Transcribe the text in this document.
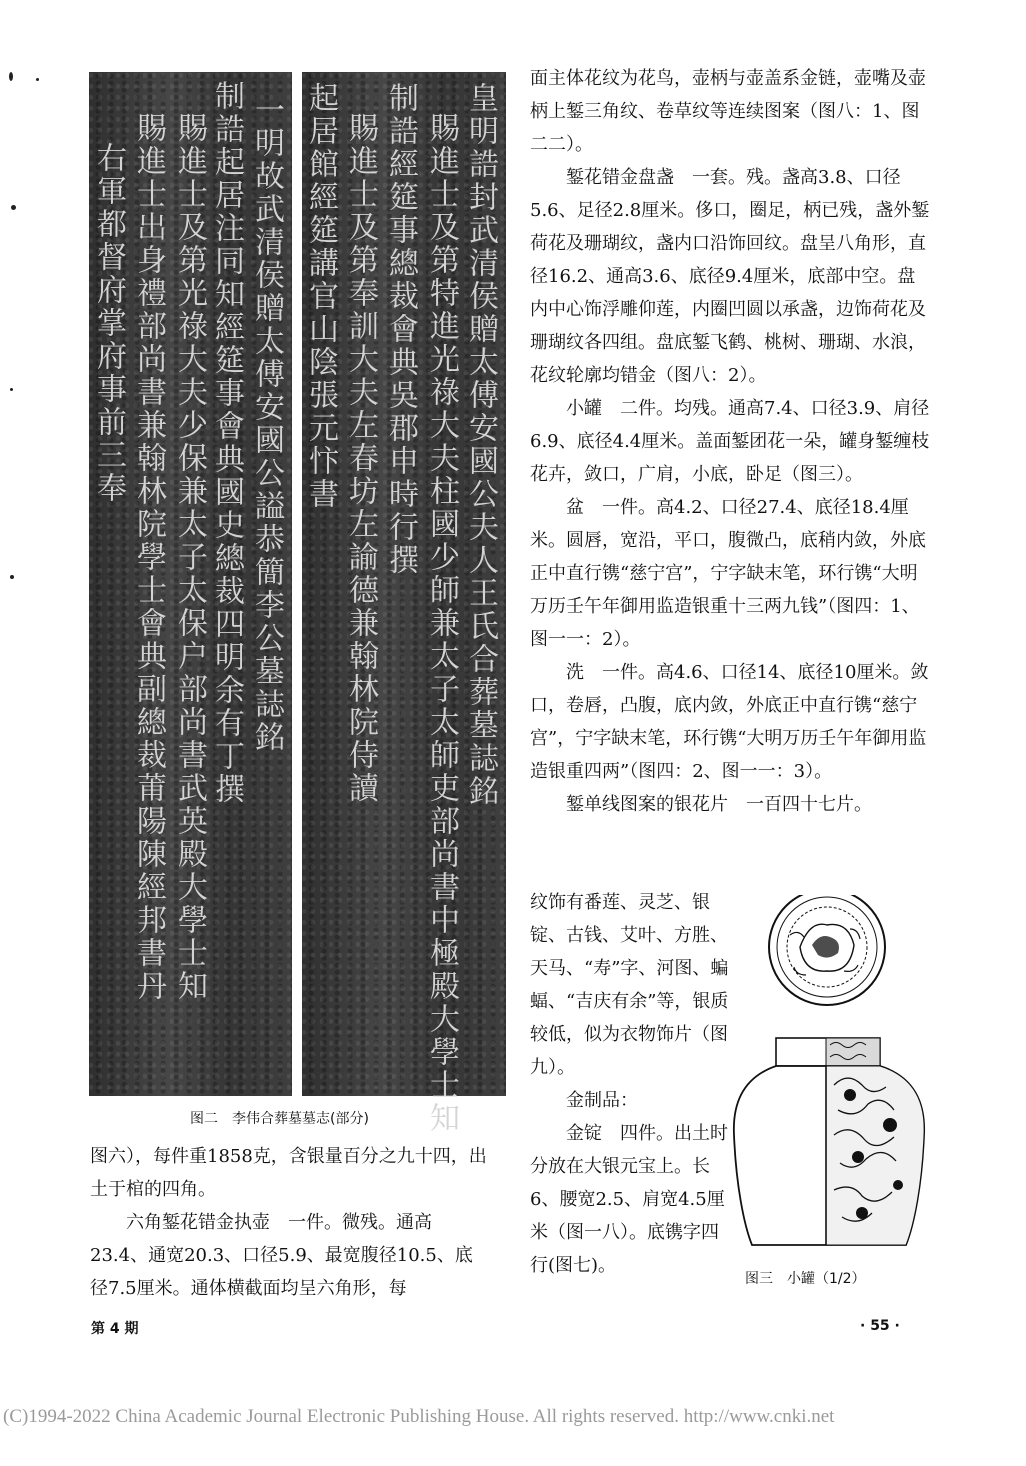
一明故武清侯贈太傅安國公謚恭簡李公墓誌銘
制誥起居注同知經筵事會典國史總裁四明余有丁撰
賜進士及第光祿大夫少保兼太子太保户部尚書武英殿大學士知
賜進士出身禮部尚書兼翰林院學士會典副總裁莆陽陳經邦書丹
右軍都督府掌府事前三奉	皇明誥封武清侯贈太傅安國公夫人王氏合葬墓誌銘
賜進士及第特進光祿大夫柱國少師兼太子太師吏部尚書中極殿大學士知
制誥經筵事總裁會典吳郡申時行撰
賜進士及第奉訓大夫左春坊左諭德兼翰林院侍讀
起居館經筵講官山陰張元忭書
图二　李伟合葬墓墓志(部分)

图六），每件重1858克，含银量百分之九十四，出土于棺的四角。

六角錾花错金执壶　一件。微残。通高23.4、通宽20.3、口径5.9、最宽腹径10.5、底径7.5厘米。通体横截面均呈六角形，每

面主体花纹为花鸟，壶柄与壶盖系金链，壶嘴及壶柄上錾三角纹、卷草纹等连续图案（图八：1、图二二）。

錾花错金盘盏　一套。残。盏高3.8、口径5.6、足径2.8厘米。侈口，圈足，柄已残，盏外錾荷花及珊瑚纹，盏内口沿饰回纹。盘呈八角形，直径16.2、通高3.6、底径9.4厘米，底部中空。盘内中心饰浮雕仰莲，内圈凹圆以承盏，边饰荷花及珊瑚纹各四组。盘底錾飞鹤、桃树、珊瑚、水浪，花纹轮廓均错金（图八：2）。

小罐　二件。均残。通高7.4、口径3.9、肩径6.9、底径4.4厘米。盖面錾团花一朵，罐身錾缠枝花卉，敛口，广肩，小底，卧足（图三）。

盆　一件。高4.2、口径27.4、底径18.4厘米。圆唇，宽沿，平口，腹微凸，底稍内敛，外底正中直行镌“慈宁宫”，宁字缺末笔，环行镌“大明万历壬午年御用监造银重十三两九钱”（图四：1、图一一：2）。

洗　一件。高4.6、口径14、底径10厘米。敛口，卷唇，凸腹，底内敛，外底正中直行镌“慈宁宫”，宁字缺末笔，环行镌“大明万历壬午年御用监造银重四两”（图四：2、图一一：3）。

錾单线图案的银花片　一百四十七片。

纹饰有番莲、灵芝、银锭、古钱、艾叶、方胜、天马、“寿”字、河图、蝙蝠、“吉庆有余”等，银质较低，似为衣物饰片（图九）。

金制品：

金锭　四件。出土时分放在大银元宝上。长6、腰宽2.5、肩宽4.5厘米（图一八）。底镌字四行(图七)。

图三　小罐（1/2）
第 4 期	· 55 ·
(C)1994-2022 China Academic Journal Electronic Publishing House. All rights reserved. http://www.cnki.net
